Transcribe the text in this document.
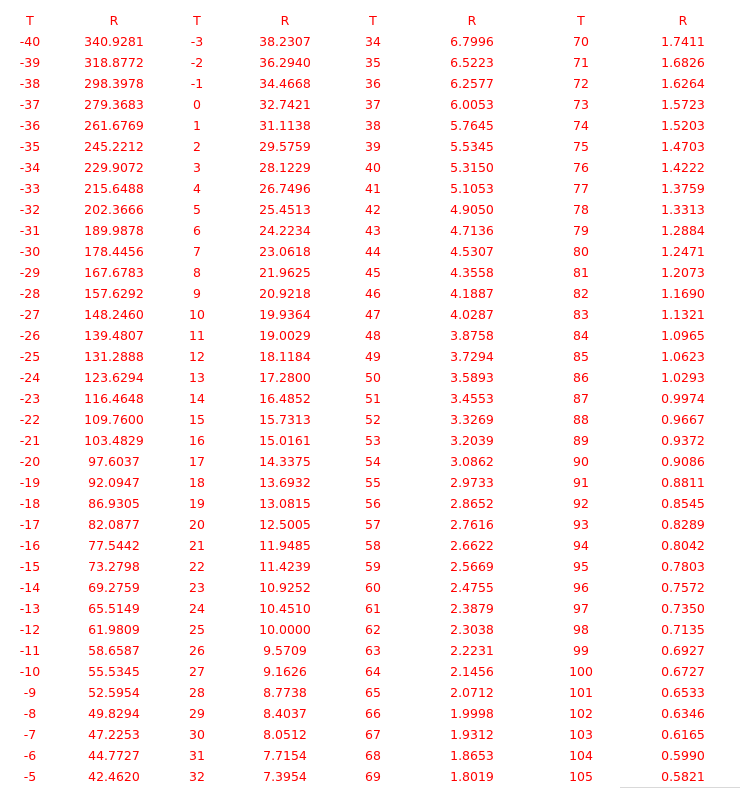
T	R	T	R	T	R	T	R
-40	340.9281	-3	38.2307	34	6.7996	70	1.7411
-39	318.8772	-2	36.2940	35	6.5223	71	1.6826
-38	298.3978	-1	34.4668	36	6.2577	72	1.6264
-37	279.3683	0	32.7421	37	6.0053	73	1.5723
-36	261.6769	1	31.1138	38	5.7645	74	1.5203
-35	245.2212	2	29.5759	39	5.5345	75	1.4703
-34	229.9072	3	28.1229	40	5.3150	76	1.4222
-33	215.6488	4	26.7496	41	5.1053	77	1.3759
-32	202.3666	5	25.4513	42	4.9050	78	1.3313
-31	189.9878	6	24.2234	43	4.7136	79	1.2884
-30	178.4456	7	23.0618	44	4.5307	80	1.2471
-29	167.6783	8	21.9625	45	4.3558	81	1.2073
-28	157.6292	9	20.9218	46	4.1887	82	1.1690
-27	148.2460	10	19.9364	47	4.0287	83	1.1321
-26	139.4807	11	19.0029	48	3.8758	84	1.0965
-25	131.2888	12	18.1184	49	3.7294	85	1.0623
-24	123.6294	13	17.2800	50	3.5893	86	1.0293
-23	116.4648	14	16.4852	51	3.4553	87	0.9974
-22	109.7600	15	15.7313	52	3.3269	88	0.9667
-21	103.4829	16	15.0161	53	3.2039	89	0.9372
-20	97.6037	17	14.3375	54	3.0862	90	0.9086
-19	92.0947	18	13.6932	55	2.9733	91	0.8811
-18	86.9305	19	13.0815	56	2.8652	92	0.8545
-17	82.0877	20	12.5005	57	2.7616	93	0.8289
-16	77.5442	21	11.9485	58	2.6622	94	0.8042
-15	73.2798	22	11.4239	59	2.5669	95	0.7803
-14	69.2759	23	10.9252	60	2.4755	96	0.7572
-13	65.5149	24	10.4510	61	2.3879	97	0.7350
-12	61.9809	25	10.0000	62	2.3038	98	0.7135
-11	58.6587	26	9.5709	63	2.2231	99	0.6927
-10	55.5345	27	9.1626	64	2.1456	100	0.6727
-9	52.5954	28	8.7738	65	2.0712	101	0.6533
-8	49.8294	29	8.4037	66	1.9998	102	0.6346
-7	47.2253	30	8.0512	67	1.9312	103	0.6165
-6	44.7727	31	7.7154	68	1.8653	104	0.5990
-5	42.4620	32	7.3954	69	1.8019	105	0.5821
